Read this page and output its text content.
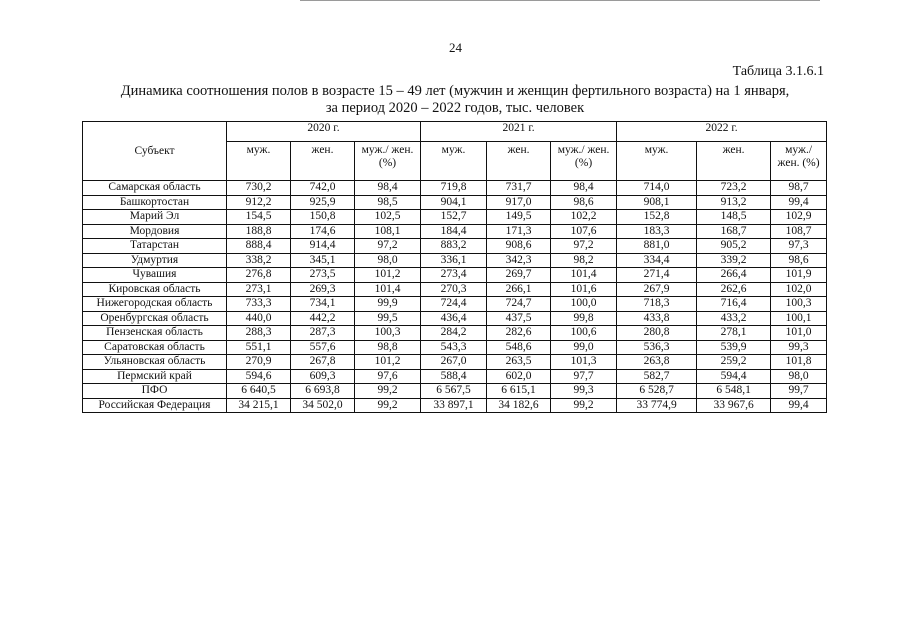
24
Таблица 3.1.6.1
Динамика соотношения полов в возрасте 15 – 49 лет (мужчин и женщин фертильного возраста) на 1 января,
за период 2020 – 2022 годов, тыс. человек
Субъект	2020 г.			2021 г.			2022 г.		
	муж.	жен.	муж./ жен. (%)	муж.	жен.	муж./ жен. (%)	муж.	жен.	муж./ жен. (%)
Самарская область	730,2	742,0	98,4	719,8	731,7	98,4	714,0	723,2	98,7
Башкортостан	912,2	925,9	98,5	904,1	917,0	98,6	908,1	913,2	99,4
Марий Эл	154,5	150,8	102,5	152,7	149,5	102,2	152,8	148,5	102,9
Мордовия	188,8	174,6	108,1	184,4	171,3	107,6	183,3	168,7	108,7
Татарстан	888,4	914,4	97,2	883,2	908,6	97,2	881,0	905,2	97,3
Удмуртия	338,2	345,1	98,0	336,1	342,3	98,2	334,4	339,2	98,6
Чувашия	276,8	273,5	101,2	273,4	269,7	101,4	271,4	266,4	101,9
Кировская область	273,1	269,3	101,4	270,3	266,1	101,6	267,9	262,6	102,0
Нижегородская область	733,3	734,1	99,9	724,4	724,7	100,0	718,3	716,4	100,3
Оренбургская область	440,0	442,2	99,5	436,4	437,5	99,8	433,8	433,2	100,1
Пензенская область	288,3	287,3	100,3	284,2	282,6	100,6	280,8	278,1	101,0
Саратовская область	551,1	557,6	98,8	543,3	548,6	99,0	536,3	539,9	99,3
Ульяновская область	270,9	267,8	101,2	267,0	263,5	101,3	263,8	259,2	101,8
Пермский край	594,6	609,3	97,6	588,4	602,0	97,7	582,7	594,4	98,0
ПФО	6 640,5	6 693,8	99,2	6 567,5	6 615,1	99,3	6 528,7	6 548,1	99,7
Российская Федерация	34 215,1	34 502,0	99,2	33 897,1	34 182,6	99,2	33 774,9	33 967,6	99,4
